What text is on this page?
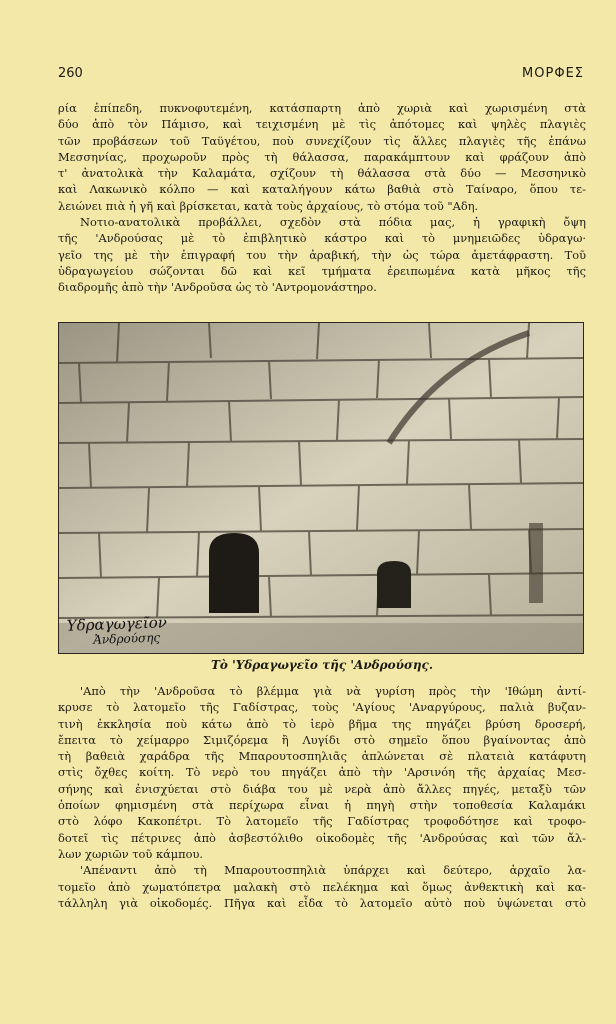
260	ΜΟΡΦΕΣ

ρία ἐπίπεδη, πυκνοφυτεμένη, κατάσπαρτη ἀπὸ χωριὰ καὶ χωρισμένη στὰ
δύο ἀπὸ τὸν Πάμισο, καὶ τειχισμένη μὲ τὶς ἀπότομες καὶ ψηλὲς πλαγιὲς
τῶν προβάσεων τοῦ Ταϋγέτου, ποὺ συνεχίζουν τὶς ἄλλες πλαγιὲς τῆς ἐπάνω
Μεσσηνίας, προχωροῦν πρὸς τὴ θάλασσα, παρακάμπτουν καὶ φράζουν ἀπὸ
τ' ἀνατολικὰ τὴν Καλαμάτα, σχίζουν τὴ θάλασσα στὰ δύο — Μεσσηνικὸ
καὶ Λακωνικὸ κόλπο — καὶ καταλήγουν κάτω βαθιὰ στὸ Ταίναρο, ὅπου τε-
λειώνει πιὰ ἡ γῆ καὶ βρίσκεται, κατὰ τοὺς ἀρχαίους, τὸ στόμα τοῦ "Αδη.

Νοτιο-ανατολικὰ προβάλλει, σχεδὸν στὰ πόδια μας, ἡ γραφικὴ ὄψη
τῆς 'Ανδρούσας μὲ τὸ ἐπιβλητικὸ κάστρο καὶ τὸ μνημειῶδες ὑδραγω·
γεῖο της μὲ τὴν ἐπιγραφή του τὴν ἀραβική, τὴν ὡς τώρα ἀμετάφραστη. Τοῦ
ὑδραγωγείου σώζονται δῶ καὶ κεῖ τμήματα ἐρειπωμένα κατὰ μῆκος τῆς
διαδρομῆς ἀπὸ τὴν 'Ανδροῦσα ὡς τὸ 'Αντρομονάστηρο.

Υδραγωγεῖον
Ἀνδρούσης
Τὸ 'Υδραγωγεῖο τῆς 'Ανδρούσης.

'Απὸ τὴν 'Ανδροῦσα τὸ βλέμμα γιὰ νὰ γυρίση πρὸς τὴν 'Ιθώμη ἀντί-
κρυσε τὸ λατομεῖο τῆς Γαδίστρας, τοὺς 'Αγίους 'Αναργύρους, παλιὰ βυζαν-
τινὴ ἐκκλησία ποὺ κάτω ἀπὸ τὸ ἱερὸ βῆμα της πηγάζει βρύση δροσερή,
ἔπειτα τὸ χείμαρρο Σιμιζόρεμα ἢ Λυγίδι στὸ σημεῖο ὅπου βγαίνοντας ἀπὸ
τὴ βαθειὰ χαράδρα τῆς Μπαρουτοσπηλιᾶς ἁπλώνεται σὲ πλατειὰ κατάφυτη
στὶς ὄχθες κοίτη. Τὸ νερὸ του πηγάζει ἀπὸ τὴν 'Αρσινόη τῆς ἀρχαίας Μεσ-
σήνης καὶ ἐνισχύεται στὸ διάβα του μὲ νερὰ ἀπὸ ἄλλες πηγές, μεταξὺ τῶν
ὁποίων φημισμένη στὰ περίχωρα εἶναι ἡ πηγὴ στὴν τοποθεσία Καλαμάκι
στὸ λόφο Κακοπέτρι. Τὸ λατομεῖο τῆς Γαδίστρας τροφοδότησε καὶ τροφο-
δοτεῖ τὶς πέτρινες ἀπὸ ἀσβεστόλιθο οἰκοδομὲς τῆς 'Ανδρούσας καὶ τῶν ἄλ-
λων χωριῶν τοῦ κάμπου.

'Απέναντι ἀπὸ τὴ Μπαρουτοσπηλιὰ ὑπάρχει καὶ δεύτερο, ἀρχαῖο λα-
τομεῖο ἀπὸ χωματόπετρα μαλακὴ στὸ πελέκημα καὶ ὅμως ἀνθεκτικὴ καὶ κα-
τάλληλη γιὰ οἰκοδομές. Πῆγα καὶ εἶδα τὸ λατομεῖο αὐτὸ ποὺ ὑψώνεται στὸ
